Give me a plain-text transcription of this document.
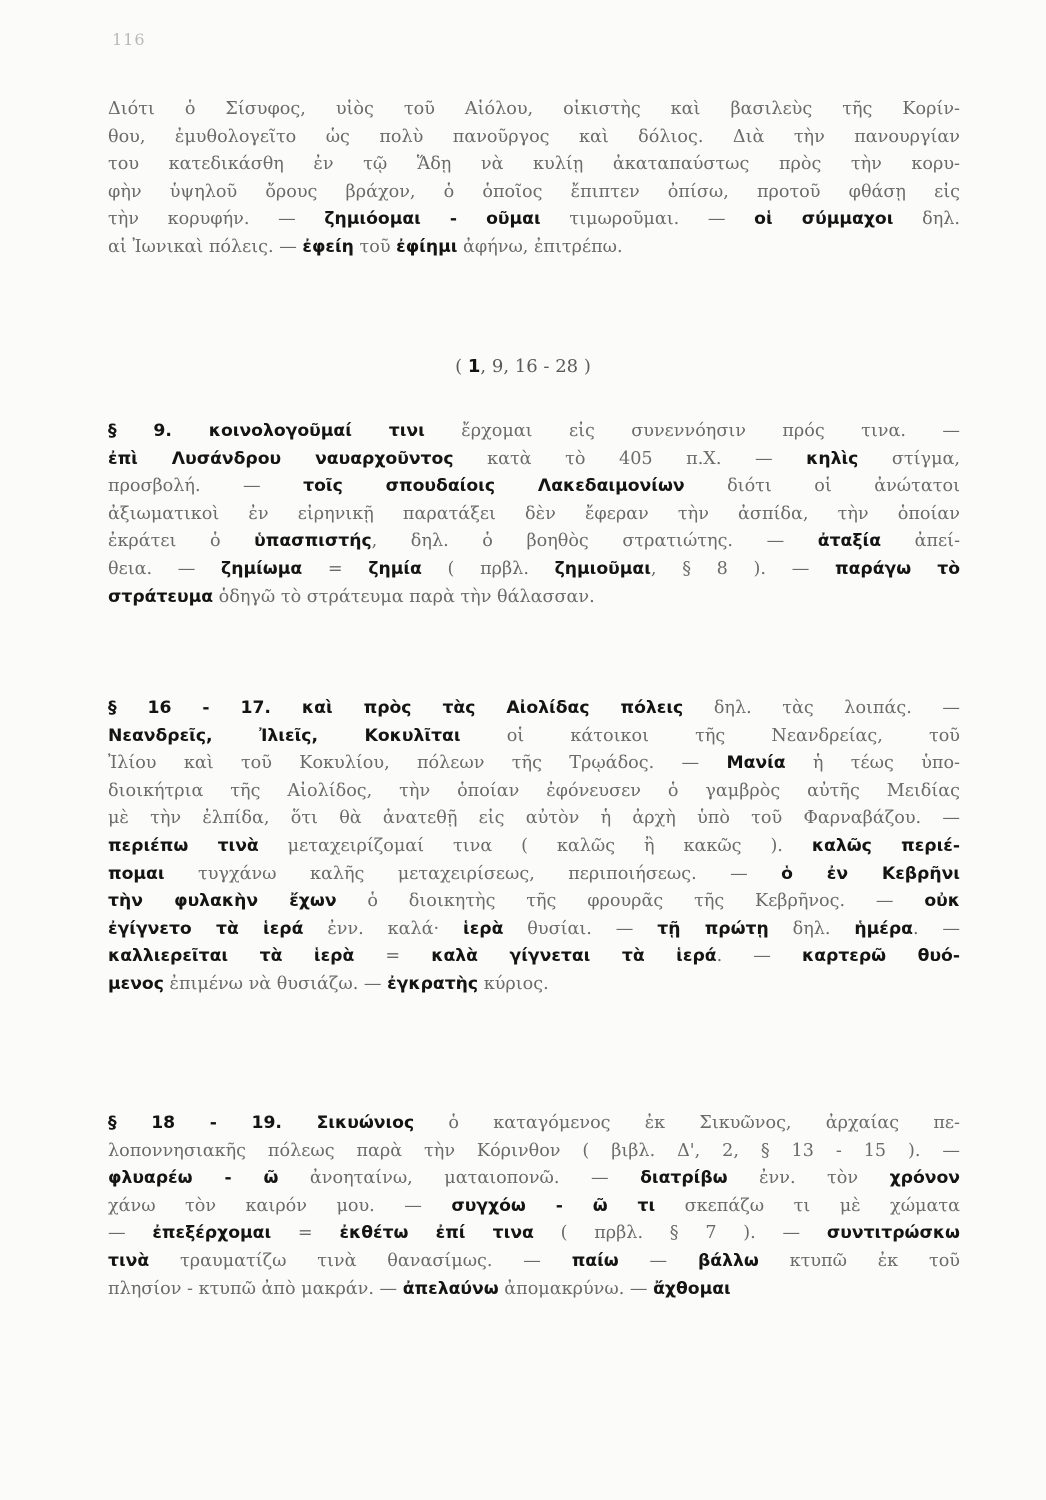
116
Διότι ὁ Σίσυφος, υἱὸς τοῦ Αἰόλου, οἰκιστὴς καὶ βασιλεὺς τῆς Κορίν-
θου, ἐμυθολογεῖτο ὡς πολὺ πανοῦργος καὶ δόλιος. Διὰ τὴν πανουργίαν
του κατεδικάσθη ἐν τῷ Ἅδῃ νὰ κυλίῃ ἀκαταπαύστως πρὸς τὴν κορυ-
φὴν ὑψηλοῦ ὄρους βράχον, ὁ ὁποῖος ἔπιπτεν ὀπίσω, προτοῦ φθάσῃ εἰς
τὴν κορυφήν. — ζημιόομαι - οῦμαι τιμωροῦμαι. — οἱ σύμμαχοι δηλ.
αἱ Ἰωνικαὶ πόλεις. — ἐφείη τοῦ ἐφίημι ἀφήνω, ἐπιτρέπω.
( 1, 9, 16 - 28 )
§ 9. κοινολογοῦμαί τινι ἔρχομαι εἰς συνεννόησιν πρός τινα. —
ἐπὶ Λυσάνδρου ναυαρχοῦντος κατὰ τὸ 405 π.Χ. — κηλὶς στίγμα,
προσβολή. — τοῖς σπουδαίοις Λακεδαιμονίων διότι οἱ ἀνώτατοι
ἀξιωματικοὶ ἐν εἰρηνικῇ παρατάξει δὲν ἔφεραν τὴν ἀσπίδα, τὴν ὁποίαν
ἐκράτει ὁ ὑπασπιστής, δηλ. ὁ βοηθὸς στρατιώτης. — ἀταξία ἀπεί-
θεια. — ζημίωμα = ζημία ( πρβλ. ζημιοῦμαι, § 8 ). — παράγω τὸ
στράτευμα ὁδηγῶ τὸ στράτευμα παρὰ τὴν θάλασσαν.
§ 16 - 17. καὶ πρὸς τὰς Αἰολίδας πόλεις δηλ. τὰς λοιπάς. —
Νεανδρεῖς, Ἰλιεῖς, Κοκυλῖται οἱ κάτοικοι τῆς Νεανδρείας, τοῦ
Ἰλίου καὶ τοῦ Κοκυλίου, πόλεων τῆς Τρῳάδος. — Μανία ἡ τέως ὑπο-
διοικήτρια τῆς Αἰολίδος, τὴν ὁποίαν ἐφόνευσεν ὁ γαμβρὸς αὐτῆς Μειδίας
μὲ τὴν ἐλπίδα, ὅτι θὰ ἀνατεθῇ εἰς αὐτὸν ἡ ἀρχὴ ὑπὸ τοῦ Φαρναβάζου. —
περιέπω τινὰ μεταχειρίζομαί τινα ( καλῶς ἢ κακῶς ). καλῶς περιέ-
πομαι τυγχάνω καλῆς μεταχειρίσεως, περιποιήσεως. — ὁ ἐν Κεβρῆνι
τὴν φυλακὴν ἔχων ὁ διοικητὴς τῆς φρουρᾶς τῆς Κεβρῆνος. — οὐκ
ἐγίγνετο τὰ ἱερά ἐνν. καλά· ἱερὰ θυσίαι. — τῇ πρώτῃ δηλ. ἡμέρα. —
καλλιερεῖται τὰ ἱερὰ = καλὰ γίγνεται τὰ ἱερά. — καρτερῶ θυό-
μενος ἐπιμένω νὰ θυσιάζω. — ἐγκρατὴς κύριος.
§ 18 - 19. Σικυώνιος ὁ καταγόμενος ἐκ Σικυῶνος, ἀρχαίας πε-
λοποννησιακῆς πόλεως παρὰ τὴν Κόρινθον ( βιβλ. Δ', 2, § 13 - 15 ). —
φλυαρέω - ῶ ἀνοηταίνω, ματαιοπονῶ. — διατρίβω ἐνν. τὸν χρόνον
χάνω τὸν καιρόν μου. — συγχόω - ῶ τι σκεπάζω τι μὲ χώματα
— ἐπεξέρχομαι = ἐκθέτω ἐπί τινα ( πρβλ. § 7 ). — συντιτρώσκω
τινὰ τραυματίζω τινὰ θανασίμως. — παίω — βάλλω κτυπῶ ἐκ τοῦ
πλησίον - κτυπῶ ἀπὸ μακράν. — ἀπελαύνω ἀπομακρύνω. — ἄχθομαι
